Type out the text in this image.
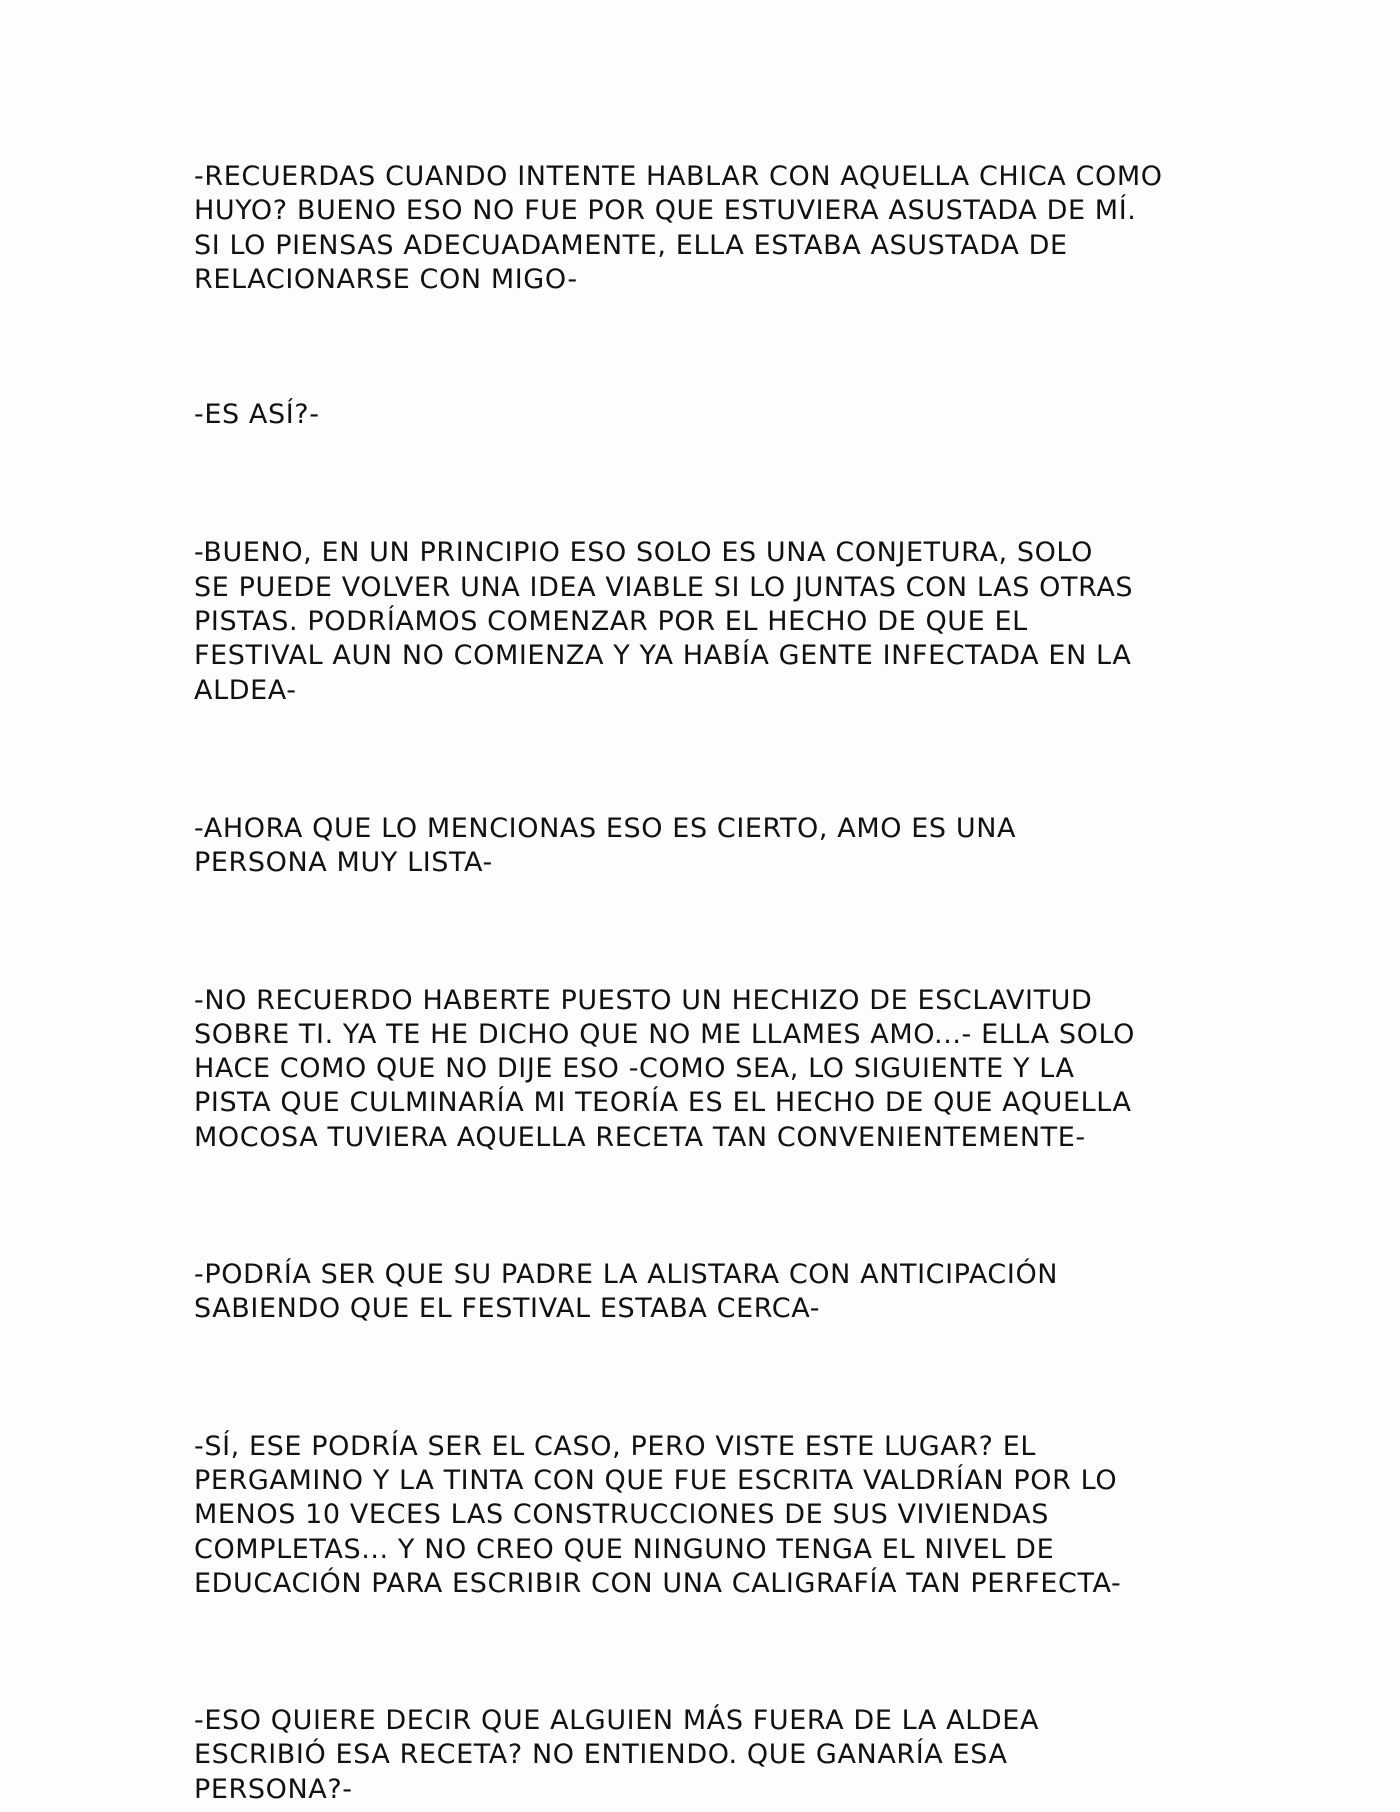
-RECUERDAS CUANDO INTENTE HABLAR CON AQUELLA CHICA COMO
HUYO? BUENO ESO NO FUE POR QUE ESTUVIERA ASUSTADA DE MÍ.
SI LO PIENSAS ADECUADAMENTE, ELLA ESTABA ASUSTADA DE
RELACIONARSE CON MIGO-

-ES ASÍ?-

-BUENO, EN UN PRINCIPIO ESO SOLO ES UNA CONJETURA, SOLO
SE PUEDE VOLVER UNA IDEA VIABLE SI LO JUNTAS CON LAS OTRAS
PISTAS. PODRÍAMOS COMENZAR POR EL HECHO DE QUE EL
FESTIVAL AUN NO COMIENZA Y YA HABÍA GENTE INFECTADA EN LA
ALDEA-

-AHORA QUE LO MENCIONAS ESO ES CIERTO, AMO ES UNA
PERSONA MUY LISTA-

-NO RECUERDO HABERTE PUESTO UN HECHIZO DE ESCLAVITUD
SOBRE TI. YA TE HE DICHO QUE NO ME LLAMES AMO...- ELLA SOLO
HACE COMO QUE NO DIJE ESO -COMO SEA, LO SIGUIENTE Y LA
PISTA QUE CULMINARÍA MI TEORÍA ES EL HECHO DE QUE AQUELLA
MOCOSA TUVIERA AQUELLA RECETA TAN CONVENIENTEMENTE-

-PODRÍA SER QUE SU PADRE LA ALISTARA CON ANTICIPACIÓN
SABIENDO QUE EL FESTIVAL ESTABA CERCA-

-SÍ, ESE PODRÍA SER EL CASO, PERO VISTE ESTE LUGAR? EL
PERGAMINO Y LA TINTA CON QUE FUE ESCRITA VALDRÍAN POR LO
MENOS 10 VECES LAS CONSTRUCCIONES DE SUS VIVIENDAS
COMPLETAS... Y NO CREO QUE NINGUNO TENGA EL NIVEL DE
EDUCACIÓN PARA ESCRIBIR CON UNA CALIGRAFÍA TAN PERFECTA-

-ESO QUIERE DECIR QUE ALGUIEN MÁS FUERA DE LA ALDEA
ESCRIBIÓ ESA RECETA? NO ENTIENDO. QUE GANARÍA ESA
PERSONA?-
